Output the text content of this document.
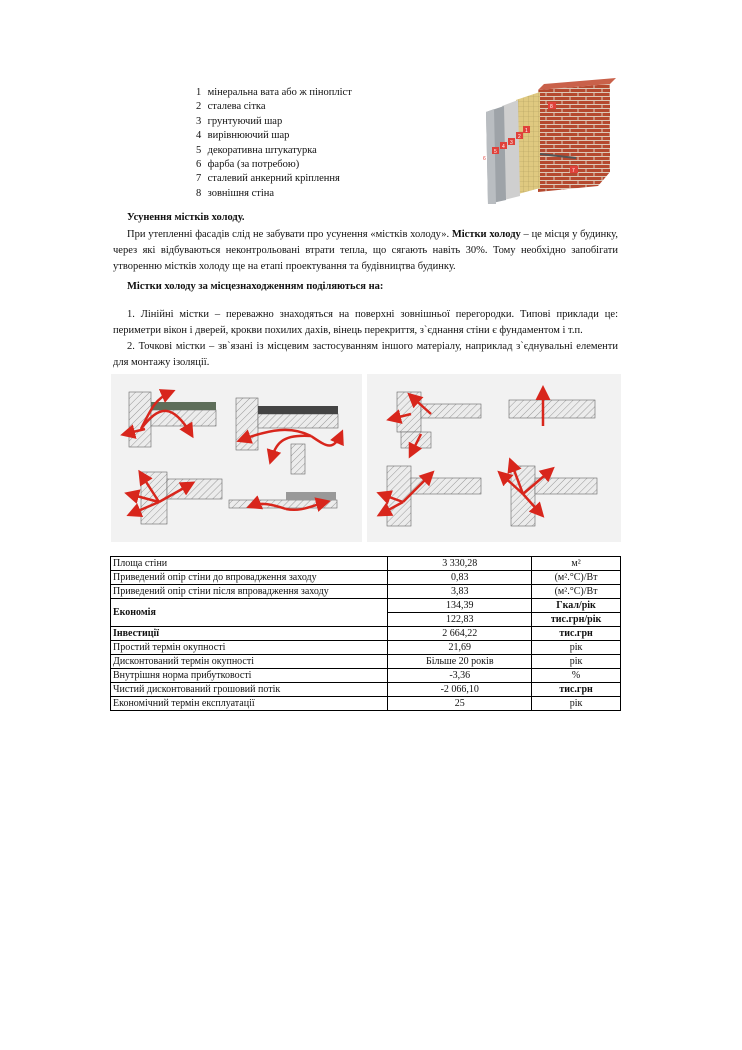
1 мінеральна вата або ж пінопліст
2 сталева сітка
3 грунтуючий шар
4 вирівнюючий шар
5 декоративна штукатурка
6 фарба (за потребою)
7 сталевий анкерний кріплення
8 зовнішня стіна
8
1
2
3
4
5
6
7
Усунення містків холоду.

При утепленні фасадів слід не забувати про усунення «містків холоду». Містки холоду – це місця у будинку, через які відбуваються неконтрольовані втрати тепла, що сягають навіть 30%. Тому необхідно запобігати утворенню містків холоду ще на етапі проектування та будівництва будинку.

Містки холоду за місцезнаходженням поділяються на:

1. Лінійні містки – переважно знаходяться на поверхні зовнішньої перегородки. Типові приклади це: периметри вікон і дверей, крокви похилих дахів, вінець перекриття, з`єднання стіни є фундаментом і т.п.

2. Точкові містки – зв`язані із місцевим застосуванням іншого матеріалу, наприклад з`єднувальні елементи для монтажу ізоляції.

Площа стіни	3 330,28	м²
Приведений опір стіни до впровадження заходу	0,83	(м².°С)/Вт
Приведений опір стіни після впровадження заходу	3,83	(м².°С)/Вт
Економія	134,39	Гкал/рік
	122,83	тис.грн/рік
Інвестиції	2 664,22	тис.грн
Простий термін окупності	21,69	рік
Дисконтований термін окупності	Більше 20 років	рік
Внутрішня норма прибутковості	-3,36	%
Чистий дисконтований грошовий потік	-2 066,10	тис.грн
Економічний термін експлуатації	25	рік
